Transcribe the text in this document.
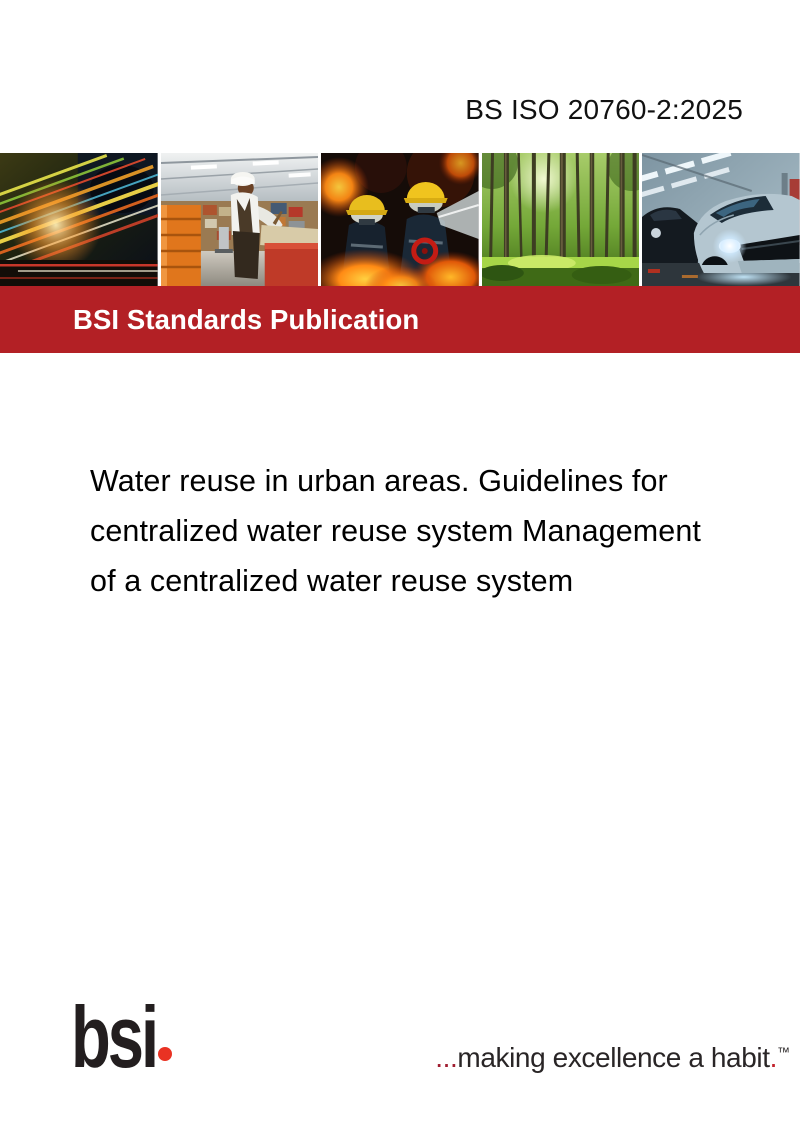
BS ISO 20760-2:2025
BSI Standards Publication
Water reuse in urban areas. Guidelines for
centralized water reuse system Management
of a centralized water reuse system
bsi	...making excellence a habit.™
